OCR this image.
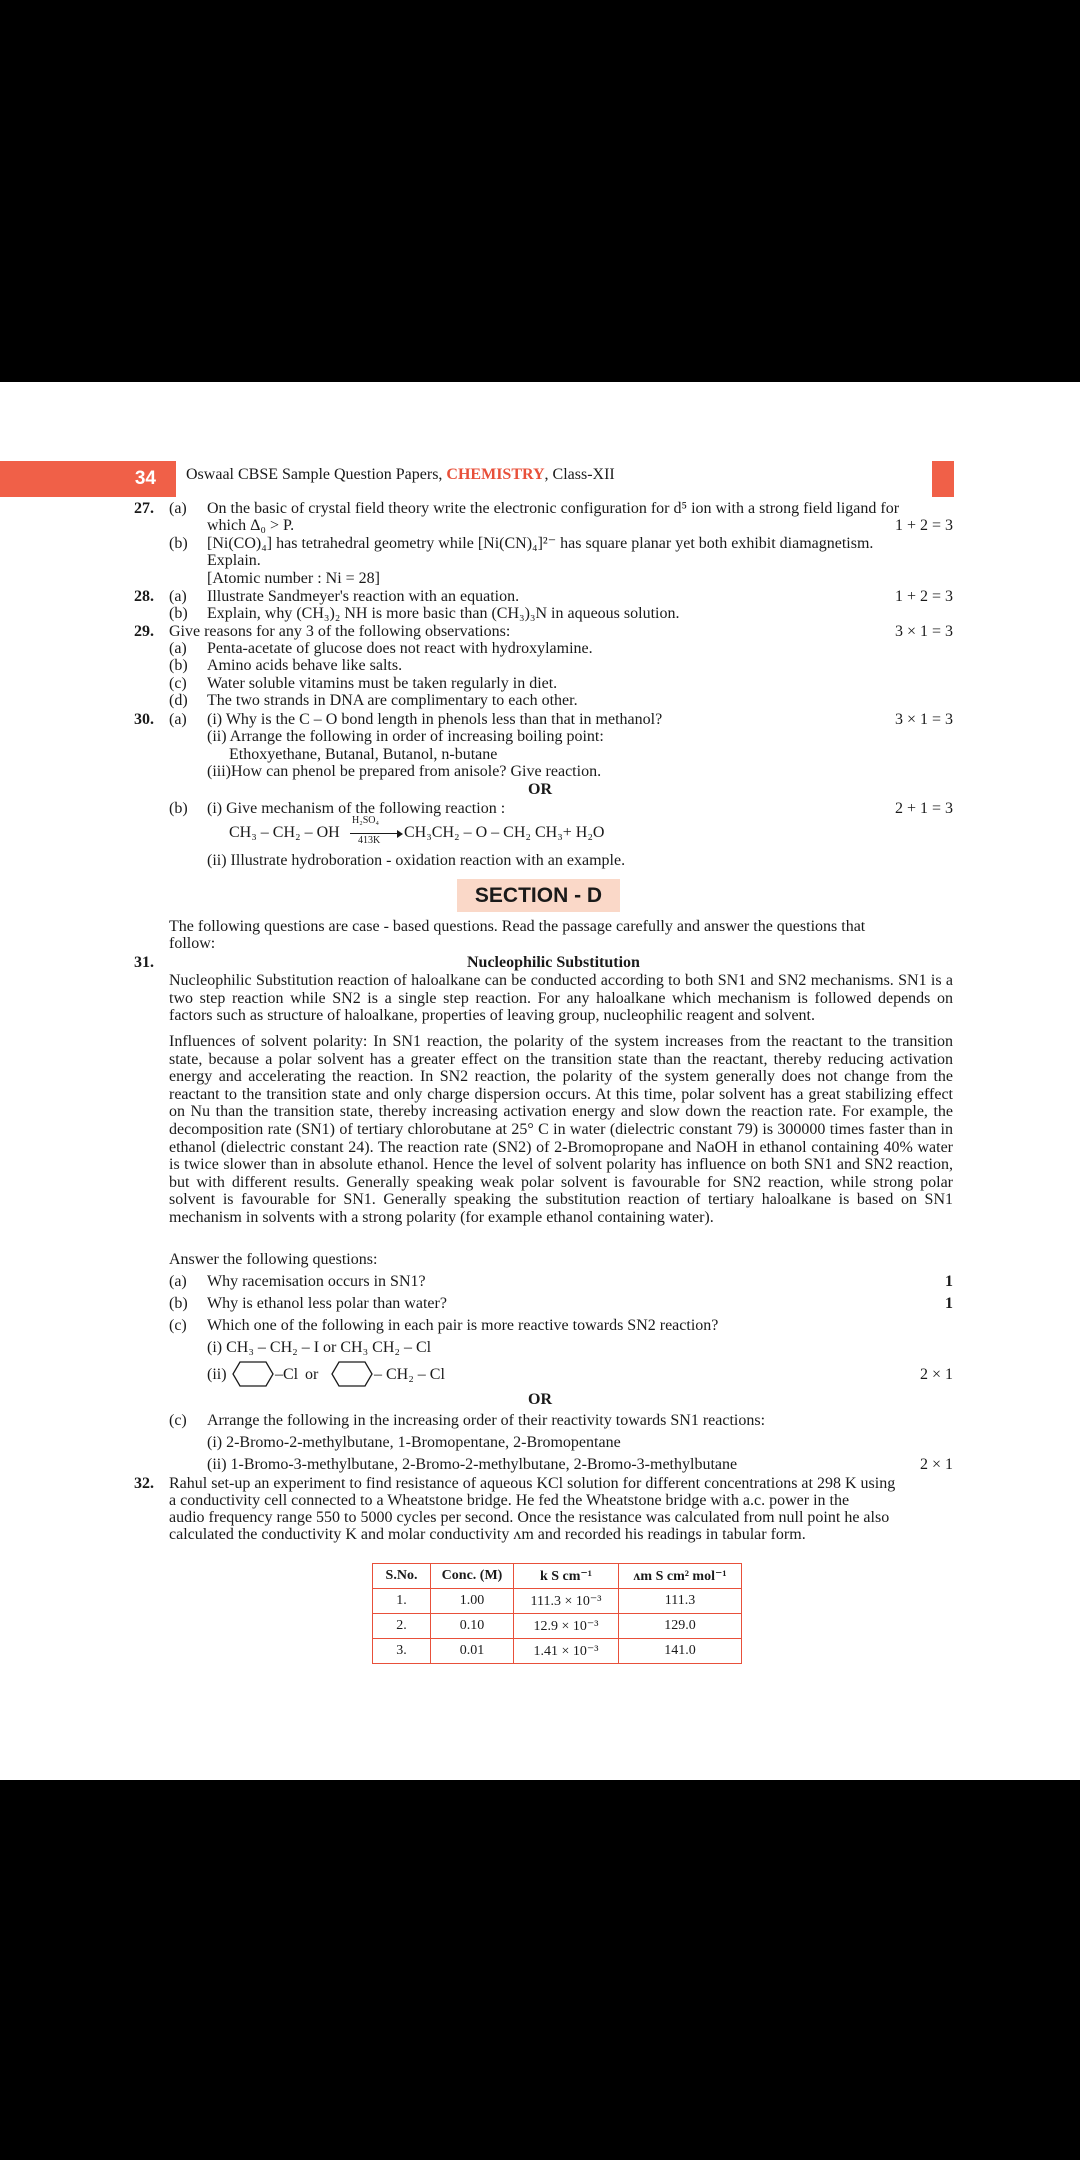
34	Oswaal CBSE Sample Question Papers, CHEMISTRY, Class-XII
27. (a) On the basic of crystal field theory write the electronic configuration for d⁵ ion with a strong field ligand for
which Δ₀ > P.	1 + 2 = 3
(b) [Ni(CO)₄] has tetrahedral geometry while [Ni(CN)₄]²⁻ has square planar yet both exhibit diamagnetism.
Explain.
[Atomic number : Ni = 28]
28. (a) Illustrate Sandmeyer's reaction with an equation.	1 + 2 = 3
(b) Explain, why (CH₃)₂ NH is more basic than (CH₃)₃N in aqueous solution.
29. Give reasons for any 3 of the following observations:	3 × 1 = 3
(a) Penta-acetate of glucose does not react with hydroxylamine.
(b) Amino acids behave like salts.
(c) Water soluble vitamins must be taken regularly in diet.
(d) The two strands in DNA are complimentary to each other.
30. (a) (i) Why is the C – O bond length in phenols less than that in methanol?	3 × 1 = 3
(ii) Arrange the following in order of increasing boiling point:
Ethoxyethane, Butanal, Butanol, n-butane
(iii)How can phenol be prepared from anisole? Give reaction.
OR
(b) (i) Give mechanism of the following reaction :	2 + 1 = 3
CH₃ – CH₂ – OH
H₂SO₄
413K CH₃CH₂ – O – CH₂ CH₃+ H₂O
(ii) Illustrate hydroboration - oxidation reaction with an example.
SECTION - D
The following questions are case - based questions. Read the passage carefully and answer the questions that
follow:
31.	Nucleophilic Substitution
Nucleophilic Substitution reaction of haloalkane can be conducted according to both SN1 and SN2 mechanisms. SN1 is a two step reaction while SN2 is a single step reaction. For any haloalkane which mechanism is followed depends on factors such as structure of haloalkane, properties of leaving group, nucleophilic reagent and solvent.
Influences of solvent polarity: In SN1 reaction, the polarity of the system increases from the reactant to the transition state, because a polar solvent has a greater effect on the transition state than the reactant, thereby reducing activation energy and accelerating the reaction. In SN2 reaction, the polarity of the system generally does not change from the reactant to the transition state and only charge dispersion occurs. At this time, polar solvent has a great stabilizing effect on Nu than the transition state, thereby increasing activation energy and slow down the reaction rate. For example, the decomposition rate (SN1) of tertiary chlorobutane at 25° C in water (dielectric constant 79) is 300000 times faster than in ethanol (dielectric constant 24). The reaction rate (SN2) of 2-Bromopropane and NaOH in ethanol containing 40% water is twice slower than in absolute ethanol. Hence the level of solvent polarity has influence on both SN1 and SN2 reaction, but with different results. Generally speaking weak polar solvent is favourable for SN2 reaction, while strong polar solvent is favourable for SN1. Generally speaking the substitution reaction of tertiary haloalkane is based on SN1 mechanism in solvents with a strong polarity (for example ethanol containing water).
Answer the following questions:
(a) Why racemisation occurs in SN1?	1
(b) Why is ethanol less polar than water?	1
(c) Which one of the following in each pair is more reactive towards SN2 reaction?
(i) CH₃ – CH₂ – I or CH₃ CH₂ – Cl
(ii)	–Cl or	– CH₂ – Cl	2 × 1
OR
(c) Arrange the following in the increasing order of their reactivity towards SN1 reactions:
(i) 2-Bromo-2-methylbutane, 1-Bromopentane, 2-Bromopentane
(ii) 1-Bromo-3-methylbutane, 2-Bromo-2-methylbutane, 2-Bromo-3-methylbutane	2 × 1
32. Rahul set-up an experiment to find resistance of aqueous KCl solution for different concentrations at 298 K using
a conductivity cell connected to a Wheatstone bridge. He fed the Wheatstone bridge with a.c. power in the
audio frequency range 550 to 5000 cycles per second. Once the resistance was calculated from null point he also
calculated the conductivity K and molar conductivity ʌm and recorded his readings in tabular form.
S.No.	Conc. (M)	k S cm⁻¹	ʌm S cm² mol⁻¹
1.	1.00	111.3 × 10⁻³	111.3
2.	0.10	12.9 × 10⁻³	129.0
3.	0.01	1.41 × 10⁻³	141.0
